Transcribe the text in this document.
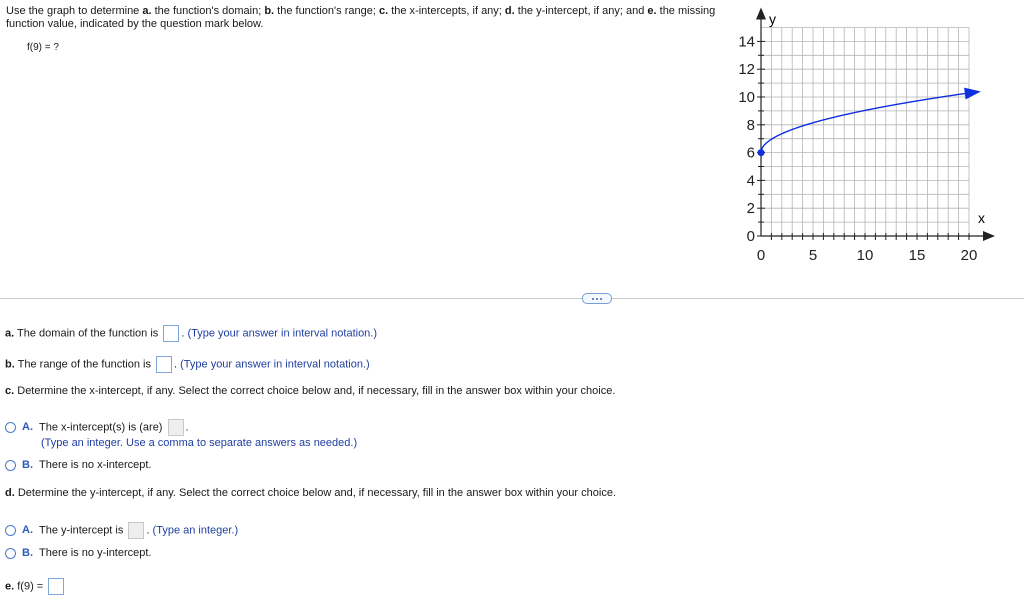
Use the graph to determine a. the function's domain; b. the function's range; c. the x-intercepts, if any; d. the y-intercept, if any; and e. the missing
function value, indicated by the question mark below.
f(9) = ?
0
2
4
6
8
10
12
14
0	5	10 15 20
y
x
a. The domain of the function is . (Type your answer in interval notation.)
b. The range of the function is . (Type your answer in interval notation.)
c. Determine the x-intercept, if any. Select the correct choice below and, if necessary, fill in the answer box within your choice.
A. The x-intercept(s) is (are) .
(Type an integer. Use a comma to separate answers as needed.)
B. There is no x-intercept.
d. Determine the y-intercept, if any. Select the correct choice below and, if necessary, fill in the answer box within your choice.
A. The y-intercept is . (Type an integer.)
B. There is no y-intercept.
e. f(9) =
